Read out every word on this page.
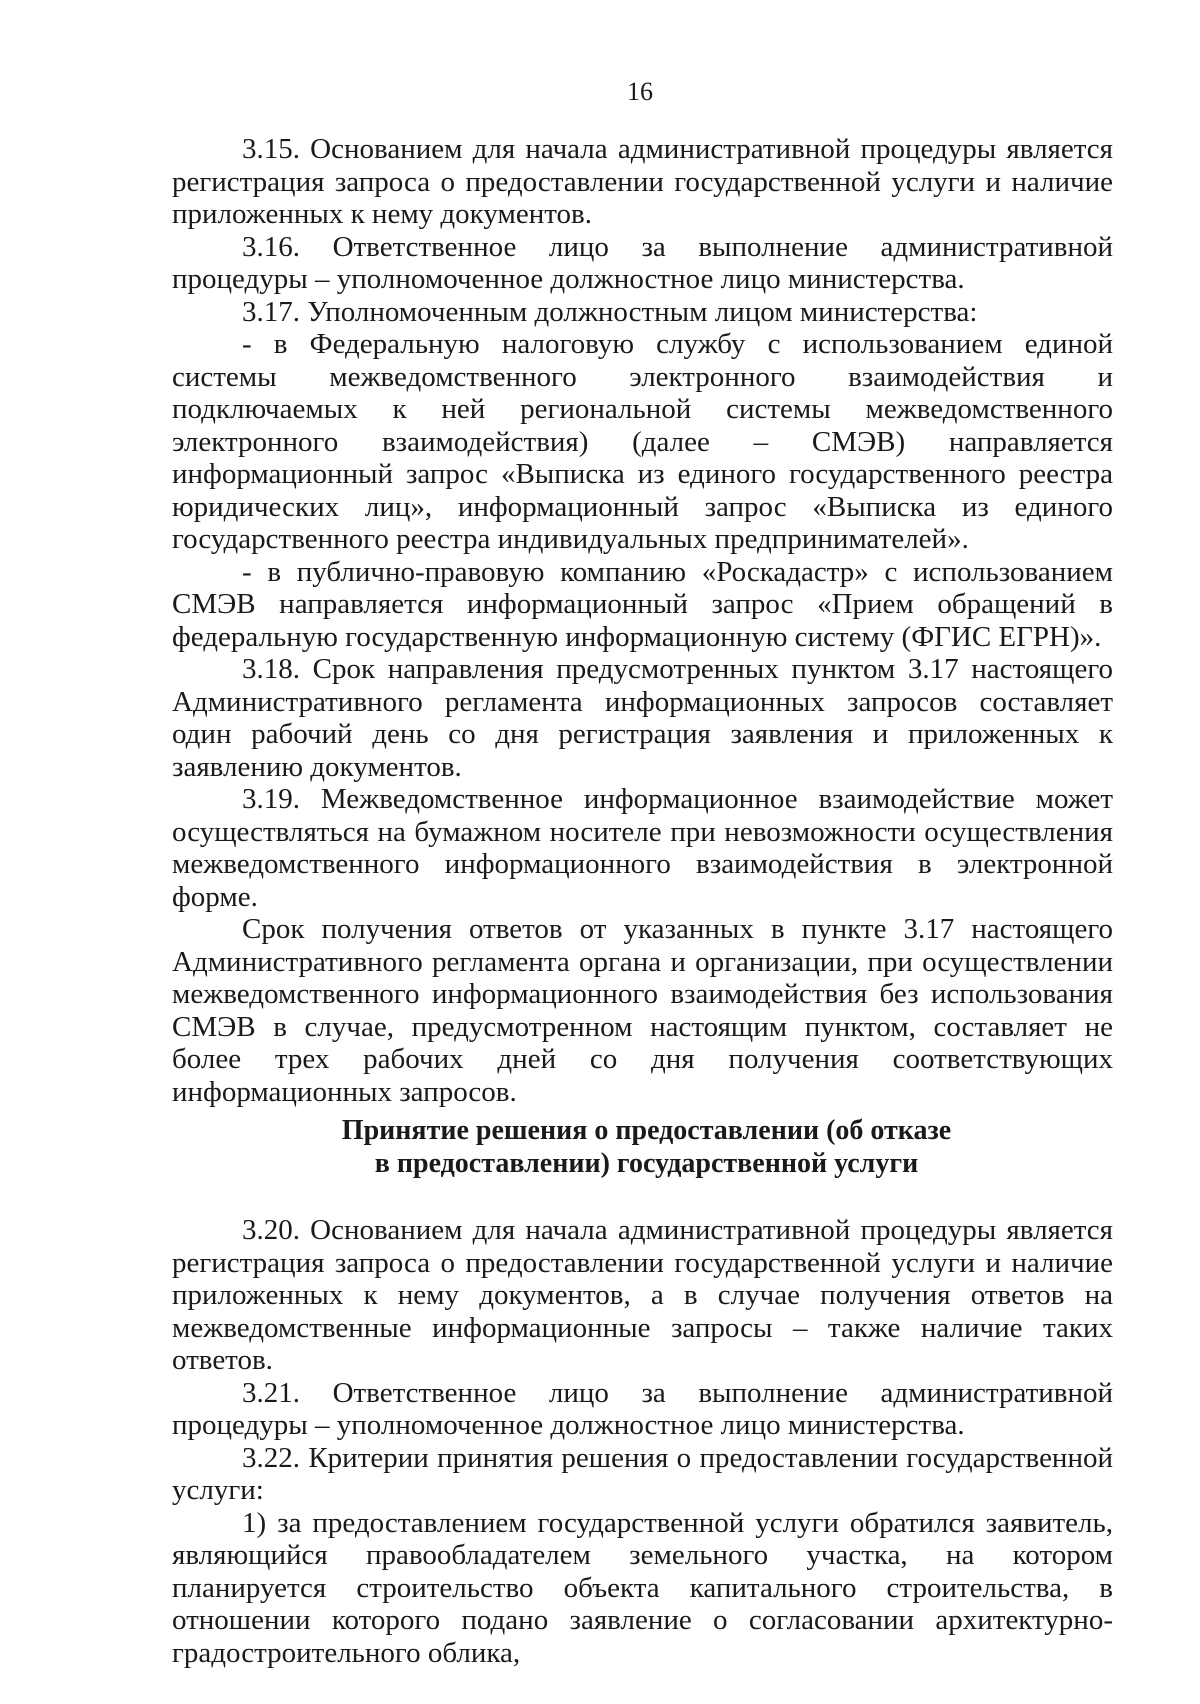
16

3.15. Основанием для начала административной процедуры является регистрация запроса о предоставлении государственной услуги и наличие приложенных к нему документов.

3.16. Ответственное лицо за выполнение административной процедуры – уполномоченное должностное лицо министерства.

3.17. Уполномоченным должностным лицом министерства:

- в Федеральную налоговую службу с использованием единой системы межведомственного электронного взаимодействия и подключаемых к ней региональной системы межведомственного электронного взаимодействия) (далее – СМЭВ) направляется информационный запрос «Выписка из единого государственного реестра юридических лиц», информационный запрос «Выписка из единого государственного реестра индивидуальных предпринимателей».

- в публично-правовую компанию «Роскадастр» с использованием СМЭВ направляется информационный запрос «Прием обращений в федеральную государственную информационную систему (ФГИС ЕГРН)».

3.18. Срок направления предусмотренных пунктом 3.17 настоящего Административного регламента информационных запросов составляет один рабочий день со дня регистрация заявления и приложенных к заявлению документов.

3.19. Межведомственное информационное взаимодействие может осуществляться на бумажном носителе при невозможности осуществления межведомственного информационного взаимодействия в электронной форме.

Срок получения ответов от указанных в пункте 3.17 настоящего Административного регламента органа и организации, при осуществлении межведомственного информационного взаимодействия без использования СМЭВ в случае, предусмотренном настоящим пунктом, составляет не более трех рабочих дней со дня получения соответствующих информационных запросов.

Принятие решения о предоставлении (об отказе
в предоставлении) государственной услуги

3.20. Основанием для начала административной процедуры является регистрация запроса о предоставлении государственной услуги и наличие приложенных к нему документов, а в случае получения ответов на межведомственные информационные запросы – также наличие таких ответов.

3.21. Ответственное лицо за выполнение административной процедуры – уполномоченное должностное лицо министерства.

3.22. Критерии принятия решения о предоставлении государственной услуги:

1) за предоставлением государственной услуги обратился заявитель, являющийся правообладателем земельного участка, на котором планируется строительство объекта капитального строительства, в отношении которого подано заявление о согласовании архитектурно-градостроительного облика,
